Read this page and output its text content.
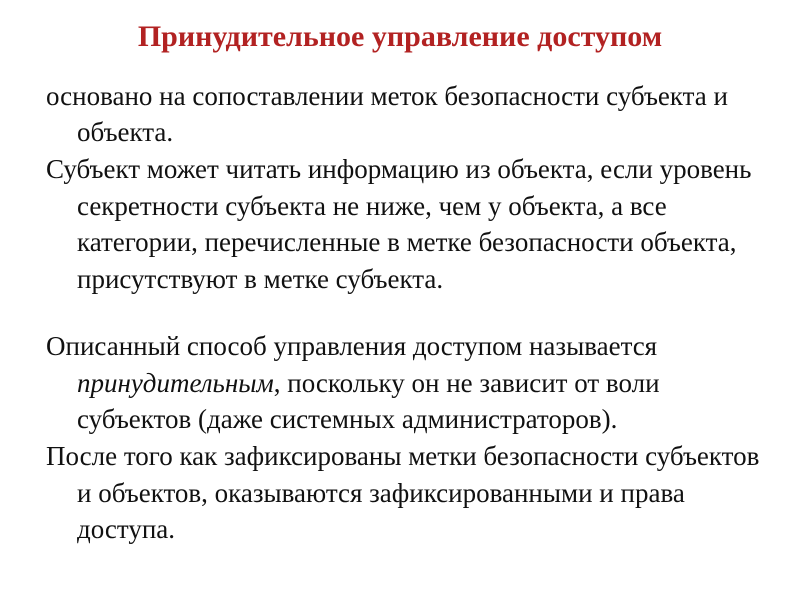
Принудительное управление доступом

основано на сопоставлении меток безопасности субъекта и объекта.

Субъект может читать информацию из объекта, если уровень секретности субъекта не ниже, чем у объекта, а все категории, перечисленные в метке безопасности объекта, присутствуют в метке субъекта.

Описанный способ управления доступом называется принудительным, поскольку он не зависит от воли субъектов (даже системных администраторов).

После того как зафиксированы метки безопасности субъектов и объектов, оказываются зафиксированными и права доступа.
